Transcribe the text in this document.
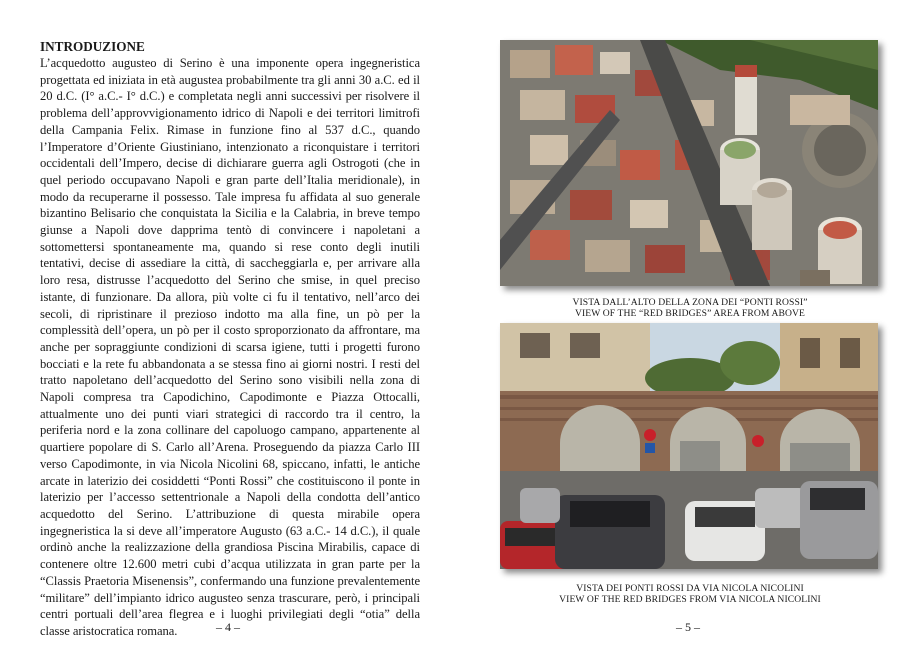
INTRODUZIONE

L’acquedotto augusteo di Serino è una imponente opera ingegneristica progettata ed iniziata in età augustea probabilmente tra gli anni 30 a.C. ed il 20 d.C. (I° a.C.- I° d.C.) e completata negli anni successivi per risolvere il problema dell’approvvigionamento idrico di Napoli e dei territori limitrofi della Campania Felix. Rimase in funzione fino al 537 d.C., quando l’Imperatore d’Oriente Giustiniano, intenzionato a riconquistare i territori occidentali dell’Impero, decise di dichiarare guerra agli Ostrogoti (che in quel periodo occupavano Napoli e gran parte dell’Italia meridionale), in modo da recuperarne il possesso. Tale impresa fu affidata al suo generale bizantino Belisario che conquistata la Sicilia e la Calabria, in breve tempo giunse a Napoli dove dapprima tentò di convincere i napoletani a sottomettersi spontaneamente ma, quando si rese conto degli inutili tentativi, decise di assediare la città, di saccheggiarla e, per arrivare alla loro resa, distrusse l’acquedotto del Serino che smise, in quel preciso istante, di funzionare. Da allora, più volte ci fu il tentativo, nell’arco dei secoli, di ripristinare il prezioso indotto ma alla fine, un pò per la complessità dell’opera, un pò per il costo sproporzionato da affrontare, ma anche per sopraggiunte condizioni di scarsa igiene, tutti i progetti furono bocciati e la rete fu abbandonata a se stessa fino ai giorni nostri. I resti del tratto napoletano dell’acquedotto del Serino sono visibili nella zona di Napoli compresa tra Capodichino, Capodimonte e Piazza Ottocalli, attualmente uno dei punti viari strategici di raccordo tra il centro, la periferia nord e la zona collinare del capoluogo campano, appartenente al quartiere popolare di S. Carlo all’Arena. Proseguendo da piazza Carlo III verso Capodimonte, in via Nicola Nicolini 68, spiccano, infatti, le antiche arcate in laterizio dei cosiddetti “Ponti Rossi” che costituiscono il ponte in laterizio per l’accesso settentrionale a Napoli della condotta dell’antico acquedotto del Serino. L’attribuzione di questa mirabile opera ingegneristica la si deve all’imperatore Augusto (63 a.C.- 14 d.C.), il quale ordinò anche la realizzazione della grandiosa Piscina Mirabilis, capace di contenere oltre 12.600 metri cubi d’acqua utilizzata in gran parte per la “Classis Praetoria Misenensis”, confermando una funzione prevalentemente “militare” dell’impianto idrico augusteo senza trascurare, però, i principali centri portuali dell’area flegrea e i luoghi privilegiati degli “otia” della classe aristocratica romana.	– 4 –
VISTA DALL’ALTO DELLA ZONA DEI “PONTI ROSSI”
VIEW OF THE “RED BRIDGES” AREA FROM ABOVE
VISTA DEI PONTI ROSSI DA VIA NICOLA NICOLINI
VIEW OF THE RED BRIDGES FROM VIA NICOLA NICOLINI
– 5 –
